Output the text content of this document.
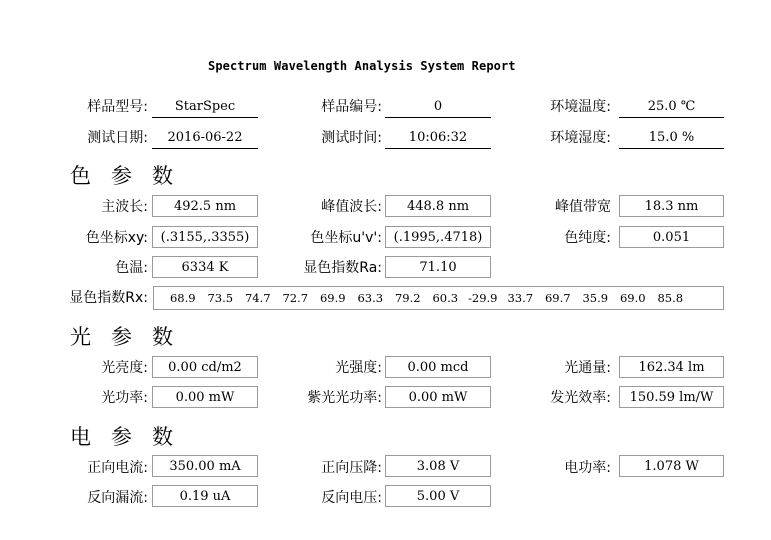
Spectrum Wavelength Analysis System Report
样品型号:	StarSpec	样品编号:	0	环境温度:	25.0 ℃
测试日期:	2016-06-22	测试时间:	10:06:32	环境湿度:	15.0 %
色参数
主波长:	492.5 nm	峰值波长:	448.8 nm	峰值带宽	18.3 nm
色坐标xy: (.3155,.3355)	色坐标u'v': (.1995,.4718)	色纯度:	0.051
色温:	6334 K	显色指数Ra:	71.10
显色指数Rx:	68.9	73.5	74.7	72.7	69.9	63.3	79.2	60.3 -29.9 33.7	69.7	35.9	69.0	85.8
光参数
光亮度:	0.00 cd/m2	光强度:	0.00 mcd	光通量:	162.34 lm
光功率:	0.00 mW	紫光光功率:	0.00 mW	发光效率:	150.59 lm/W
电参数
正向电流:	350.00 mA	正向压降:	3.08 V	电功率:	1.078 W
反向漏流:	0.19 uA	反向电压:	5.00 V
